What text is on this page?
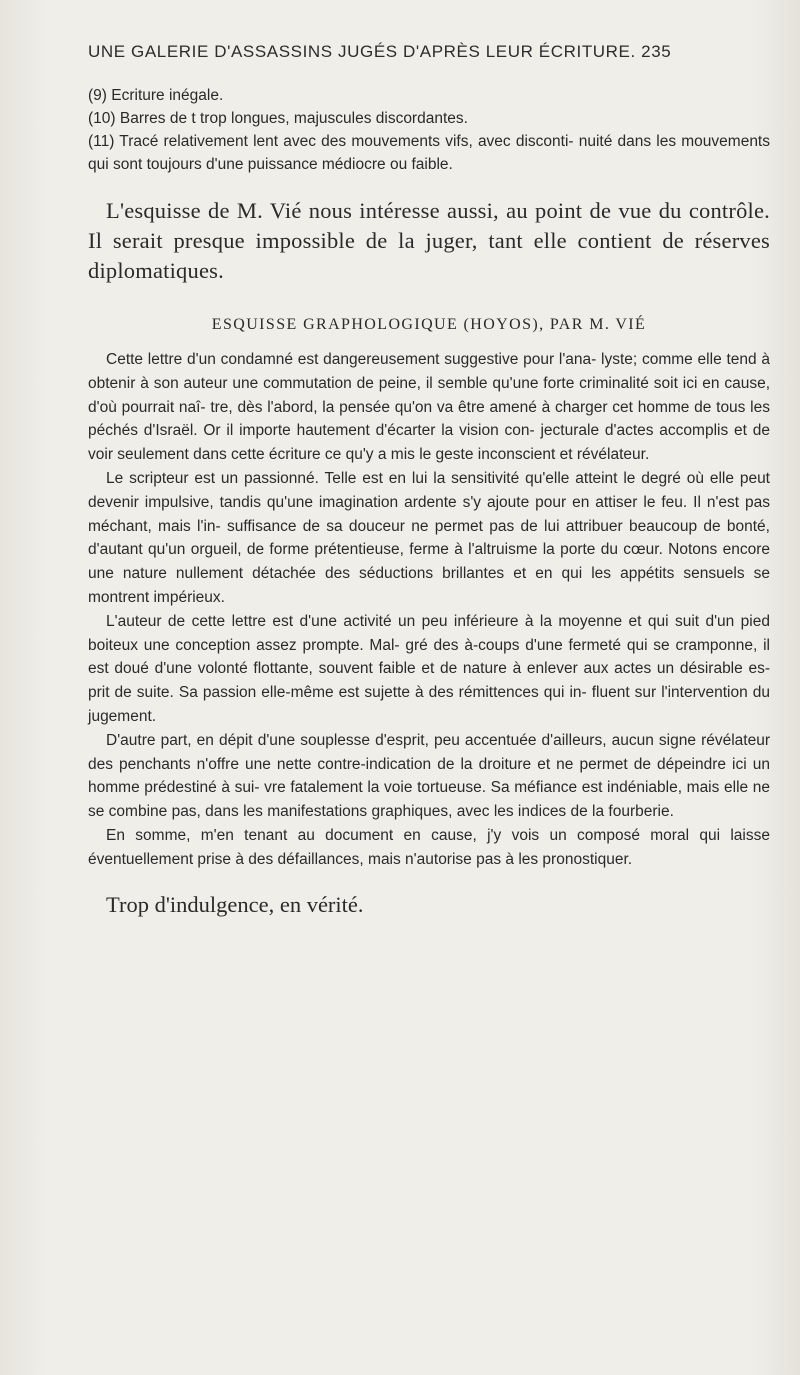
UNE GALERIE D'ASSASSINS JUGÉS D'APRÈS LEUR ÉCRITURE. 235

(9) Ecriture inégale.

(10) Barres de t trop longues, majuscules discordantes.

(11) Tracé relativement lent avec des mouvements vifs, avec disconti- nuité dans les mouvements qui sont toujours d'une puissance médiocre ou faible.

L'esquisse de M. Vié nous intéresse aussi, au point de vue du contrôle. Il serait presque impossible de la juger, tant elle contient de réserves diplomatiques.

ESQUISSE GRAPHOLOGIQUE (HOYOS), PAR M. VIÉ

Cette lettre d'un condamné est dangereusement suggestive pour l'ana- lyste; comme elle tend à obtenir à son auteur une commutation de peine, il semble qu'une forte criminalité soit ici en cause, d'où pourrait naî- tre, dès l'abord, la pensée qu'on va être amené à charger cet homme de tous les péchés d'Israël. Or il importe hautement d'écarter la vision con- jecturale d'actes accomplis et de voir seulement dans cette écriture ce qu'y a mis le geste inconscient et révélateur.

Le scripteur est un passionné. Telle est en lui la sensitivité qu'elle atteint le degré où elle peut devenir impulsive, tandis qu'une imagination ardente s'y ajoute pour en attiser le feu. Il n'est pas méchant, mais l'in- suffisance de sa douceur ne permet pas de lui attribuer beaucoup de bonté, d'autant qu'un orgueil, de forme prétentieuse, ferme à l'altruisme la porte du cœur. Notons encore une nature nullement détachée des séductions brillantes et en qui les appétits sensuels se montrent impérieux.

L'auteur de cette lettre est d'une activité un peu inférieure à la moyenne et qui suit d'un pied boiteux une conception assez prompte. Mal- gré des à-coups d'une fermeté qui se cramponne, il est doué d'une volonté flottante, souvent faible et de nature à enlever aux actes un désirable es- prit de suite. Sa passion elle-même est sujette à des rémittences qui in- fluent sur l'intervention du jugement.

D'autre part, en dépit d'une souplesse d'esprit, peu accentuée d'ailleurs, aucun signe révélateur des penchants n'offre une nette contre-indication de la droiture et ne permet de dépeindre ici un homme prédestiné à sui- vre fatalement la voie tortueuse. Sa méfiance est indéniable, mais elle ne se combine pas, dans les manifestations graphiques, avec les indices de la fourberie.

En somme, m'en tenant au document en cause, j'y vois un composé moral qui laisse éventuellement prise à des défaillances, mais n'autorise pas à les pronostiquer.

Trop d'indulgence, en vérité.
